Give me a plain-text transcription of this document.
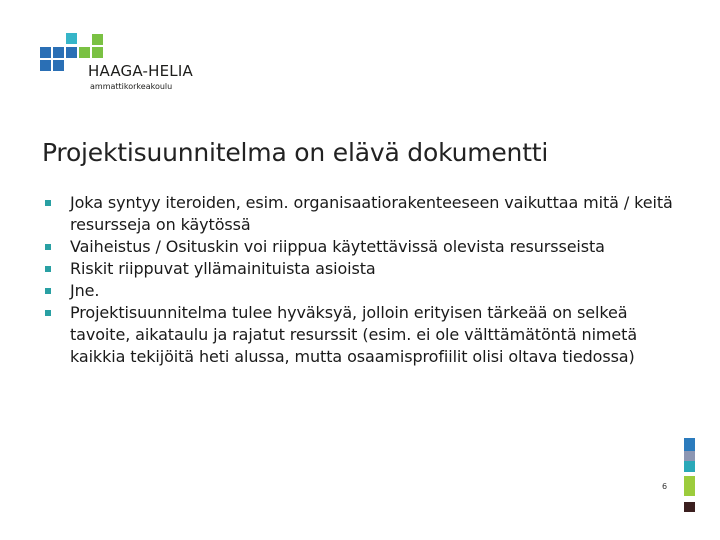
HAAGA-HELIA
ammattikorkeakoulu
Projektisuunnitelma on elävä dokumentti
Joka syntyy iteroiden, esim. organisaatiorakenteeseen vaikuttaa mitä / keitä resursseja on käytössä
Vaiheistus / Osituskin voi riippua käytettävissä olevista resursseista
Riskit riippuvat yllämainituista asioista
Jne.
Projektisuunnitelma tulee hyväksyä, jolloin erityisen tärkeää on selkeä tavoite, aikataulu ja rajatut resurssit (esim. ei ole välttämätöntä nimetä kaikkia tekijöitä heti alussa, mutta osaamisprofiilit olisi oltava tiedossa)
6
